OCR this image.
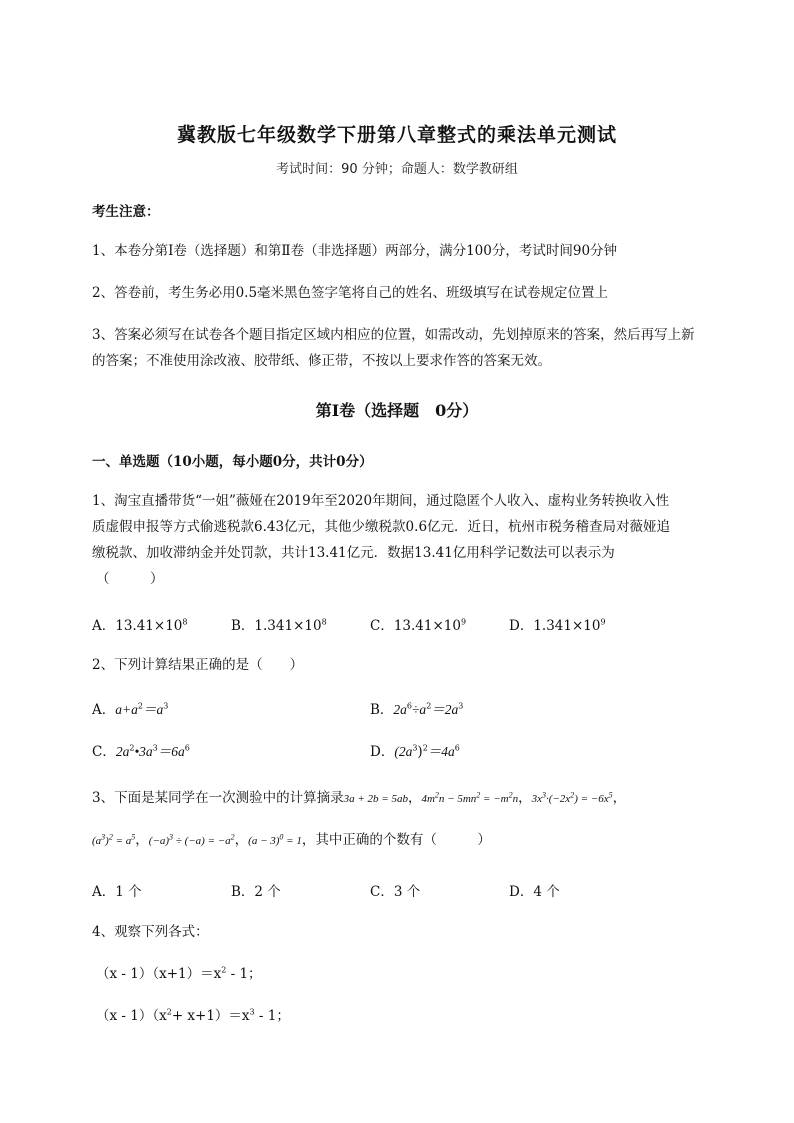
冀教版七年级数学下册第八章整式的乘法单元测试
考试时间：90 分钟；命题人：数学教研组
考生注意：
1、本卷分第Ⅰ卷（选择题）和第Ⅱ卷（非选择题）两部分，满分100分，考试时间90分钟
2、答卷前，考生务必用0.5毫米黑色签字笔将自己的姓名、班级填写在试卷规定位置上
3、答案必须写在试卷各个题目指定区域内相应的位置，如需改动，先划掉原来的答案，然后再写上新
的答案；不准使用涂改液、胶带纸、修正带，不按以上要求作答的答案无效。
第Ⅰ卷（选择题　0分）
一、单选题（10小题，每小题0分，共计0分）
1、淘宝直播带货“一姐”薇娅在2019年至2020年期间，通过隐匿个人收入、虚构业务转换收入性
质虚假申报等方式偷逃税款6.43亿元，其他少缴税款0.6亿元．近日，杭州市税务稽查局对薇娅追
缴税款、加收滞纳金并处罚款，共计13.41亿元．数据13.41亿用科学记数法可以表示为
（　　　）
A．$13.41\times 10^8$	B．$1.341\times 10^8$	C．$13.41\times 10^9$	D．$1.341\times 10^9$
2、下列计算结果正确的是（　　）
A．$a+a^2=a^3$	B．$2a^6\div a^2=2a^3$
C．$2a^2•3a^3=6a^6$	D．$(2a^3)^2=4a^6$
3、下面是某同学在一次测验中的计算摘录3a + 2b = 5ab，$4m^2n - 5mn^2 = -m^2n$，$3x^3\cdot(-2x^2) = -6x^5$，
$(a^3)^2 = a^5$，$(-a)^3 \div (-a) = -a^2$，$(a - 3)^0 = 1$，其中正确的个数有（　　　）
A．1 个	B．2 个	C．3 个	D．4 个
4、观察下列各式：
$(x - 1)(x+1)=x^2 - 1$；
$(x - 1)(x^2+ x+1)=x^3 - 1$；
